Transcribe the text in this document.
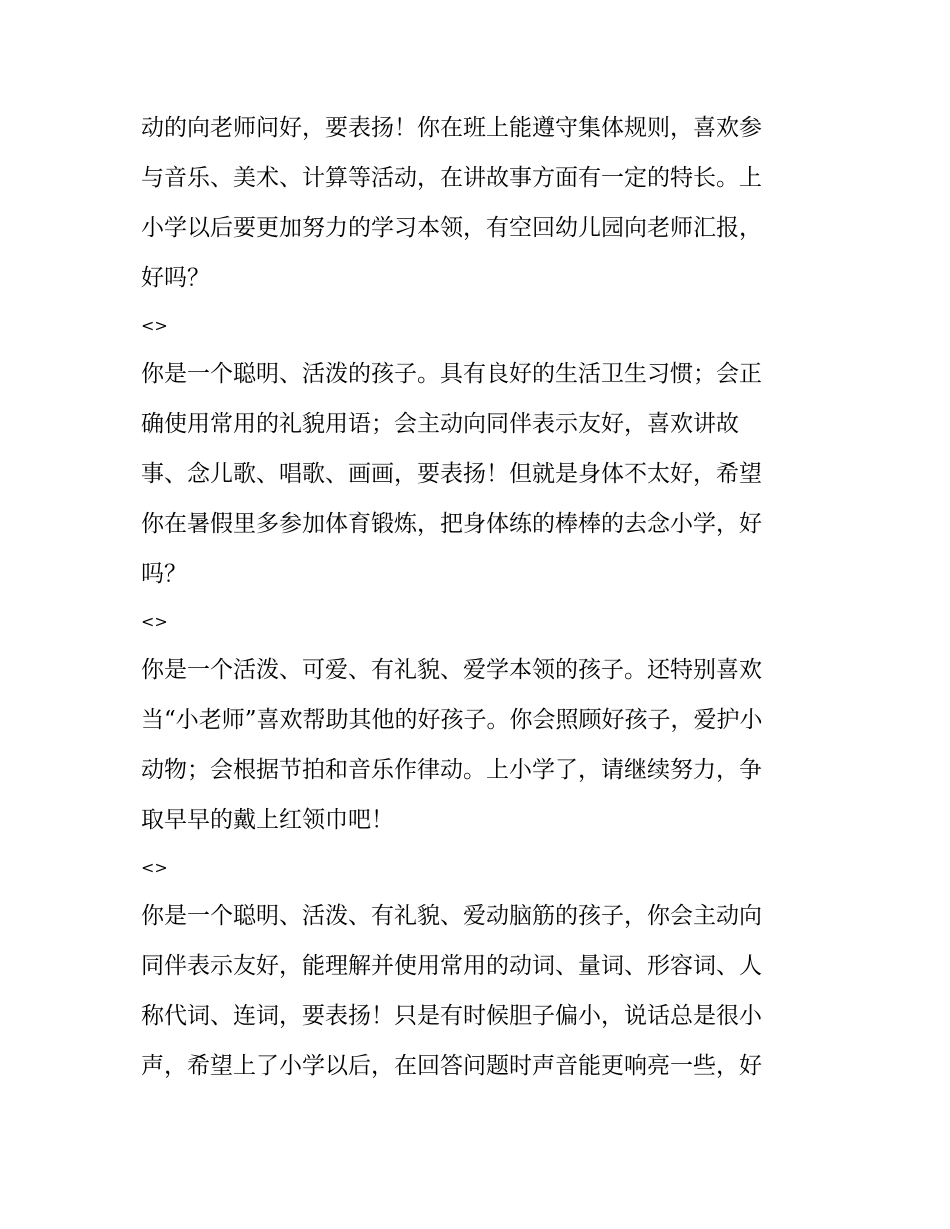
动的向老师问好，要表扬！你在班上能遵守集体规则，喜欢参
与音乐、美术、计算等活动，在讲故事方面有一定的特长。上
小学以后要更加努力的学习本领，有空回幼儿园向老师汇报，
好吗？
<>
你是一个聪明、活泼的孩子。具有良好的生活卫生习惯；会正
确使用常用的礼貌用语；会主动向同伴表示友好，喜欢讲故
事、念儿歌、唱歌、画画，要表扬！但就是身体不太好，希望
你在暑假里多参加体育锻炼，把身体练的棒棒的去念小学，好
吗？
<>
你是一个活泼、可爱、有礼貌、爱学本领的孩子。还特别喜欢
当“小老师”喜欢帮助其他的好孩子。你会照顾好孩子，爱护小
动物；会根据节拍和音乐作律动。上小学了，请继续努力，争
取早早的戴上红领巾吧！
<>
你是一个聪明、活泼、有礼貌、爱动脑筋的孩子，你会主动向
同伴表示友好，能理解并使用常用的动词、量词、形容词、人
称代词、连词，要表扬！只是有时候胆子偏小，说话总是很小
声，希望上了小学以后，在回答问题时声音能更响亮一些，好
